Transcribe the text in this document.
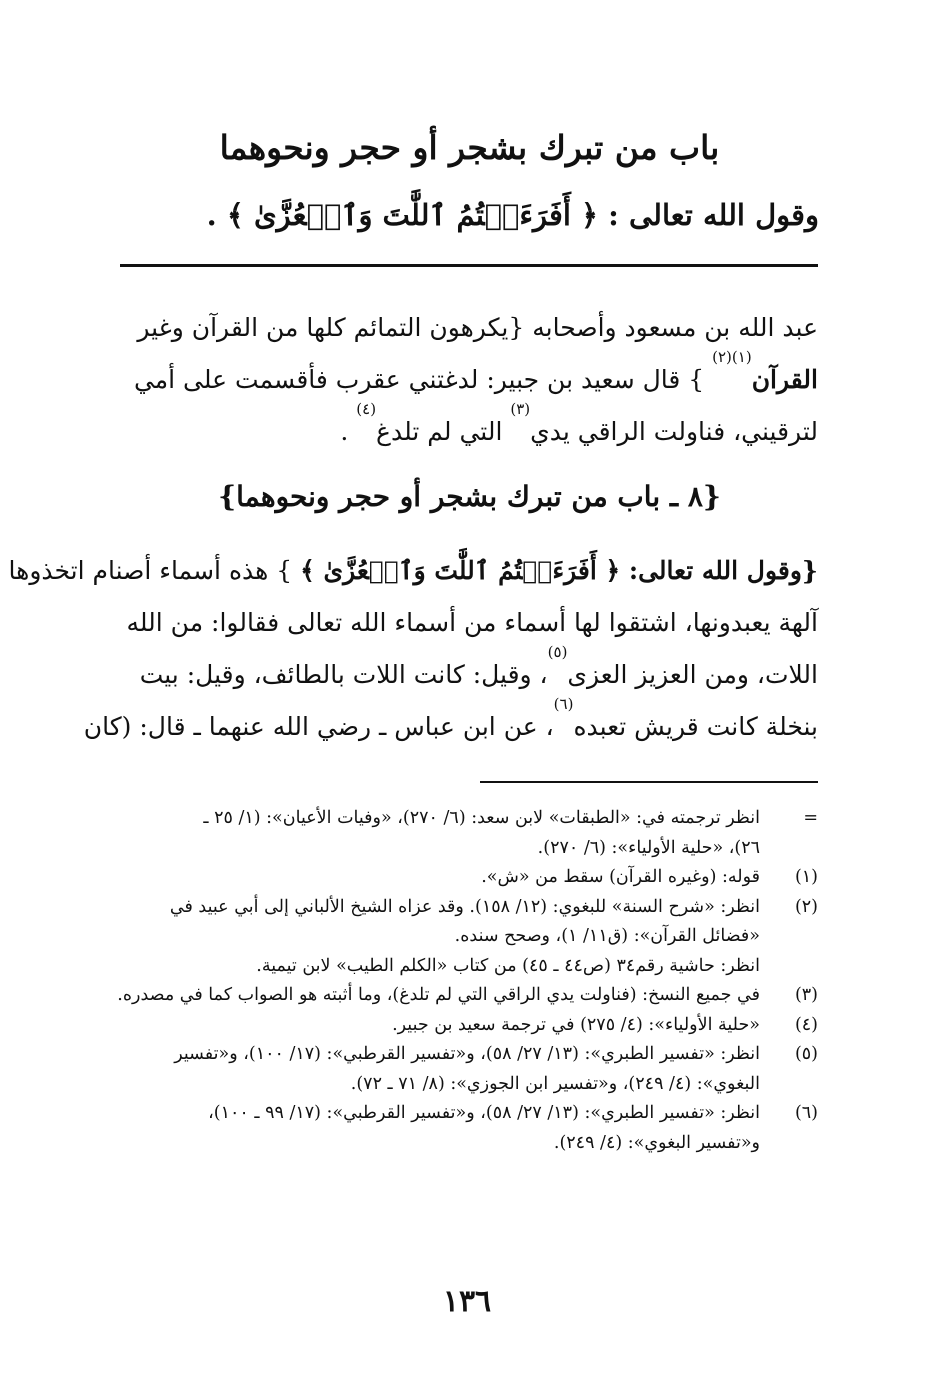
باب من تبرك بشجر أو حجر ونحوهما
وقول الله تعالى : ﴿ أَفَرَءَيۡتُمُ ٱللَّٰتَ وَٱلۡعُزَّىٰ ﴾ .
عبد الله بن مسعود وأصحابه {يكرهون التمائم كلها من القرآن وغير
القرآن$^{(١)(٢)}$ } قال سعيد بن جبير: لدغتني عقرب فأقسمت على أمي
لترقيني، فناولت الراقي يدي$^{(٣)}$ التي لم تلدغ$^{(٤)}$ .
{٨ ـ باب من تبرك بشجر أو حجر ونحوهما}
{وقول الله تعالى: ﴿ أَفَرَءَيۡتُمُ ٱللَّٰتَ وَٱلۡعُزَّىٰ ﴾ } هذه أسماء أصنام اتخذوها
آلهة يعبدونها، اشتقوا لها أسماء من أسماء الله تعالى فقالوا: من الله
اللات، ومن العزيز العزى$^{(٥)}$، وقيل: كانت اللات بالطائف، وقيل: بيت
بنخلة كانت قريش تعبده$^{(٦)}$، عن ابن عباس ـ رضي الله عنهما ـ قال: (كان
=
انظر ترجمته في: «الطبقات» لابن سعد: (٦/ ٢٧٠)، «وفيات الأعيان»: (١/ ٢٥ ـ
٢٦)، «حلية الأولياء»: (٦/ ٢٧٠).
(١)
قوله: (وغيره القرآن) سقط من «ش».
(٢)
انظر: «شرح السنة» للبغوي: (١٢/ ١٥٨). وقد عزاه الشيخ الألباني إلى أبي عبيد في
«فضائل القرآن»: (ق١١/ ١)، وصحح سنده.
انظر: حاشية رقم٣٤ (ص٤٤ ـ ٤٥) من كتاب «الكلم الطيب» لابن تيمية.
(٣)
في جميع النسخ: (فناولت يدي الراقي التي لم تلدغ)، وما أثبته هو الصواب كما في مصدره.
(٤)
«حلية الأولياء»: (٤/ ٢٧٥) في ترجمة سعيد بن جبير.
(٥)
انظر: «تفسير الطبري»: (١٣/ ٢٧/ ٥٨)، و«تفسير القرطبي»: (١٧/ ١٠٠)، و«تفسير
البغوي»: (٤/ ٢٤٩)، و«تفسير ابن الجوزي»: (٨/ ٧١ ـ ٧٢).
(٦)
انظر: «تفسير الطبري»: (١٣/ ٢٧/ ٥٨)، و«تفسير القرطبي»: (١٧/ ٩٩ ـ ١٠٠)،
و«تفسير البغوي»: (٤/ ٢٤٩).
١٣٦
